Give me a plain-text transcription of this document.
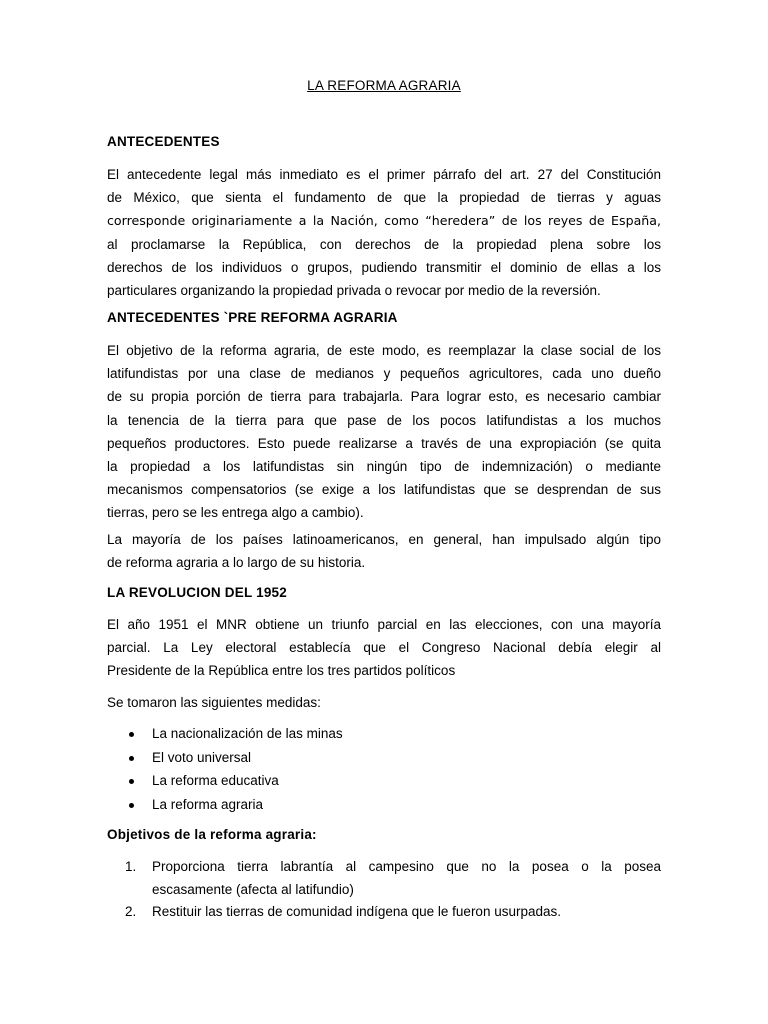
LA REFORMA AGRARIA
ANTECEDENTES
El antecedente legal más inmediato es el primer párrafo del art. 27 del Constitución
de México, que sienta el fundamento de que la propiedad de tierras y aguas
corresponde originariamente a la Nación, como “heredera” de los reyes de España,
al proclamarse la República, con derechos de la propiedad plena sobre los
derechos de los individuos o grupos, pudiendo transmitir el dominio de ellas a los
particulares organizando la propiedad privada o revocar por medio de la reversión.
ANTECEDENTES `PRE REFORMA AGRARIA
El objetivo de la reforma agraria, de este modo, es reemplazar la clase social de los
latifundistas por una clase de medianos y pequeños agricultores, cada uno dueño
de su propia porción de tierra para trabajarla. Para lograr esto, es necesario cambiar
la tenencia de la tierra para que pase de los pocos latifundistas a los muchos
pequeños productores. Esto puede realizarse a través de una expropiación (se quita
la propiedad a los latifundistas sin ningún tipo de indemnización) o mediante
mecanismos compensatorios (se exige a los latifundistas que se desprendan de sus
tierras, pero se les entrega algo a cambio).
La mayoría de los países latinoamericanos, en general, han impulsado algún tipo
de reforma agraria a lo largo de su historia.
LA REVOLUCION DEL 1952
El año 1951 el MNR obtiene un triunfo parcial en las elecciones, con una mayoría
parcial. La Ley electoral establecía que el Congreso Nacional debía elegir al
Presidente de la República entre los tres partidos políticos
Se tomaron las siguientes medidas:
La nacionalización de las minas
El voto universal
La reforma educativa
La reforma agraria
Objetivos de la reforma agraria:
1. Proporciona tierra labrantía al campesino que no la posea o la posea
escasamente (afecta al latifundio)
2. Restituir las tierras de comunidad indígena que le fueron usurpadas.
